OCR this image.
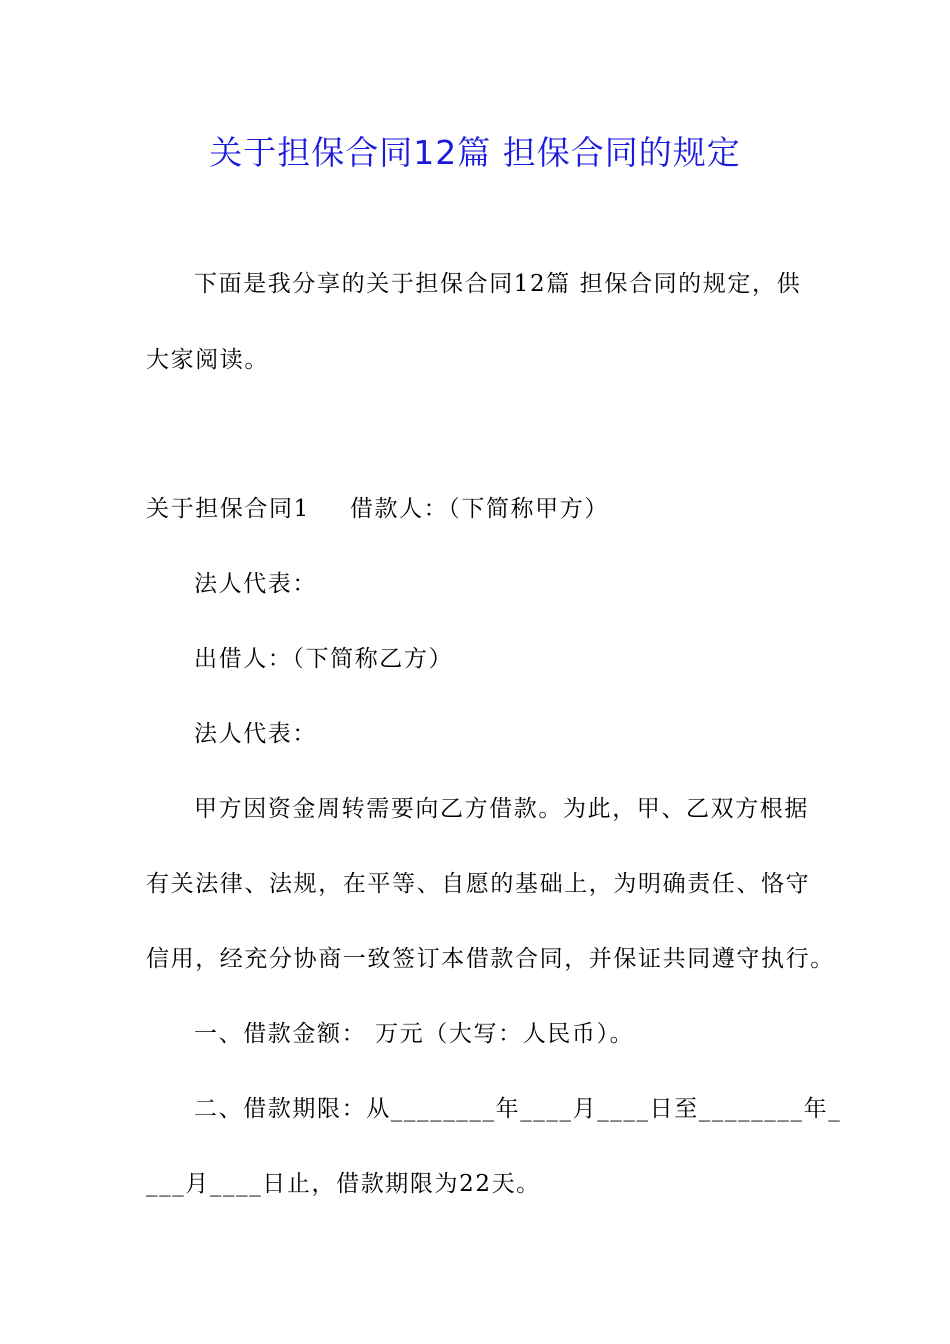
关于担保合同12篇 担保合同的规定
下面是我分享的关于担保合同12篇 担保合同的规定，供
大家阅读。
关于担保合同1 借款人：（下简称甲方）
法人代表：
出借人：（下简称乙方）
法人代表：
甲方因资金周转需要向乙方借款。为此，甲、乙双方根据
有关法律、法规，在平等、自愿的基础上，为明确责任、恪守
信用，经充分协商一致签订本借款合同，并保证共同遵守执行。
一、借款金额： 万元（大写：人民币）。
二、借款期限：从________年____月____日至________年_
___月____日止，借款期限为22天。
